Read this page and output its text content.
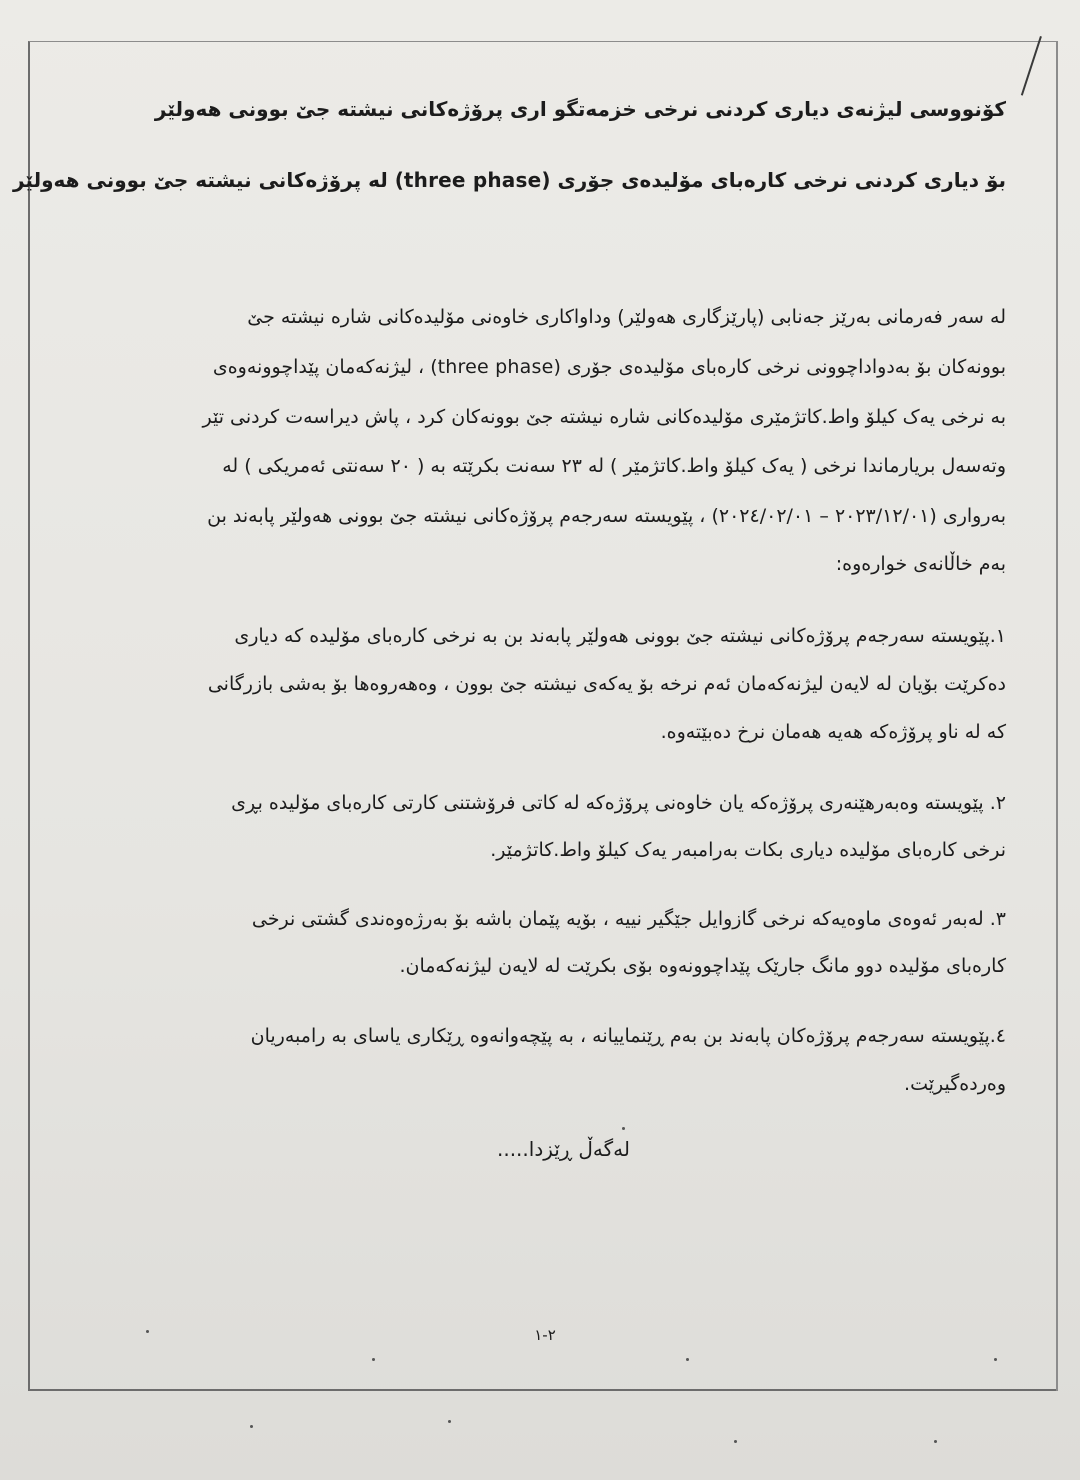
کۆنووسی لیژنەی دیاری کردنی نرخی خزمەتگو اری پرۆژەکانی نیشتە جێ بوونی هەولێر
بۆ دیاری کردنی نرخی کارەبای مۆلیدەی جۆری (three phase) لە پرۆژەکانی نیشتە جێ بوونی هەولێر
لە سەر فەرمانی بەرێز جەنابی (پارێزگاری هەولێر) وداواکاری خاوەنی مۆلیدەکانی شارە نیشتە جێ
بوونەکان بۆ بەدواداچوونی نرخی کارەبای مۆلیدەی جۆری (three phase) ، لیژنەکەمان پێداچوونەوەی
بە نرخی یەک کیلۆ واط.کاتژمێری مۆلیدەکانی شارە نیشتە جێ بوونەکان کرد ، پاش دیراسەت کردنی تێر
وتەسەل بریارماندا نرخی ( یەک کیلۆ واط.کاتژمێر ) لە ٢٣ سەنت بکرێتە بە ( ٢٠ سەنتی ئەمریکی ) لە
بەرواری (٢٠٢٣/١٢/٠١ – ٢٠٢٤/٠٢/٠١) ، پێویستە سەرجەم پرۆژەکانی نیشتە جێ بوونی هەولێر پابەند بن
بەم خاڵانەی خوارەوە:
١.پێویستە سەرجەم پرۆژەکانی نیشتە جێ بوونی هەولێر پابەند بن بە نرخی کارەبای مۆلیدە کە دیاری
دەکرێت بۆیان لە لایەن لیژنەکەمان ئەم نرخە بۆ یەکەی نیشتە جێ بوون ، وەهەروەها بۆ بەشی بازرگانی
کە لە ناو پرۆژەکە هەیە هەمان نرخ دەبێتەوە.
٢. پێویستە وەبەرهێنەری پرۆژەکە یان خاوەنی پرۆژەکە لە کاتی فرۆشتنی کارتی کارەبای مۆلیدە بڕی
نرخی کارەبای مۆلیدە دیاری بکات بەرامبەر یەک کیلۆ واط.کاتژمێر.
٣. لەبەر ئەوەی ماوەیەکە نرخی گازوایل جێگیر نییە ، بۆیە پێمان باشە بۆ بەرژەوەندی گشتی نرخی
کارەبای مۆلیدە دوو مانگ جارێک پێداچوونەوە بۆی بکرێت لە لایەن لیژنەکەمان.
٤.پێویستە سەرجەم پرۆژەکان پابەند بن بەم ڕێنماییانە ، بە پێچەوانەوە ڕێکاری یاسای بە رامبەریان
وەردەگیرێت.
لەگەڵ ڕێزدا.....
٢-١
